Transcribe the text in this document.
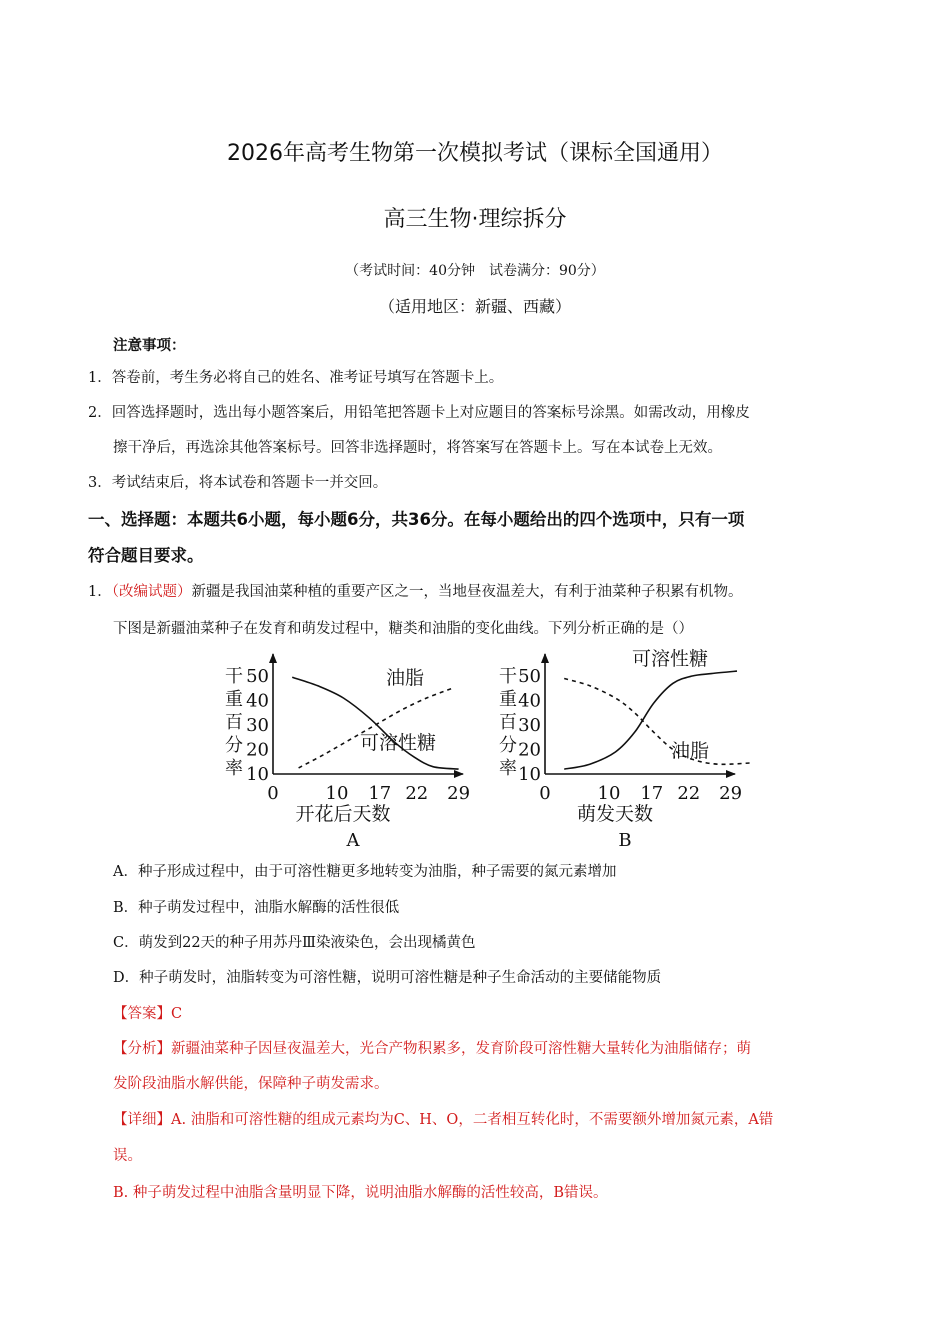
2026年高考生物第一次模拟考试（课标全国通用）
高三生物·理综拆分
（考试时间：40分钟　试卷满分：90分）
（适用地区：新疆、西藏）
注意事项：
1．答卷前，考生务必将自己的姓名、准考证号填写在答题卡上。
2．回答选择题时，选出每小题答案后，用铅笔把答题卡上对应题目的答案标号涂黑。如需改动，用橡皮
擦干净后，再选涂其他答案标号。回答非选择题时，将答案写在答题卡上。写在本试卷上无效。
3．考试结束后，将本试卷和答题卡一并交回。
一、选择题：本题共6小题，每小题6分，共36分。在每小题给出的四个选项中，只有一项
符合题目要求。
1．（改编试题）新疆是我国油菜种植的重要产区之一，当地昼夜温差大，有利于油菜种子积累有机物。
下图是新疆油菜种子在发育和萌发过程中，糖类和油脂的变化曲线。下列分析正确的是（）
10
20
30
40
50
0	10 17 22 29
干重百分率
开花后天数
A
油脂
可溶性糖
10
20
30
40
50
0	10 17 22 29
干重百分率
萌发天数
B
可溶性糖
油脂
A．种子形成过程中，由于可溶性糖更多地转变为油脂，种子需要的氮元素增加
B．种子萌发过程中，油脂水解酶的活性很低
C．萌发到22天的种子用苏丹Ⅲ染液染色，会出现橘黄色
D．种子萌发时，油脂转变为可溶性糖，说明可溶性糖是种子生命活动的主要储能物质
【答案】C
【分析】新疆油菜种子因昼夜温差大，光合产物积累多，发育阶段可溶性糖大量转化为油脂储存；萌
发阶段油脂水解供能，保障种子萌发需求。
【详细】A. 油脂和可溶性糖的组成元素均为C、H、O，二者相互转化时，不需要额外增加氮元素，A错
误。
B. 种子萌发过程中油脂含量明显下降，说明油脂水解酶的活性较高，B错误。
